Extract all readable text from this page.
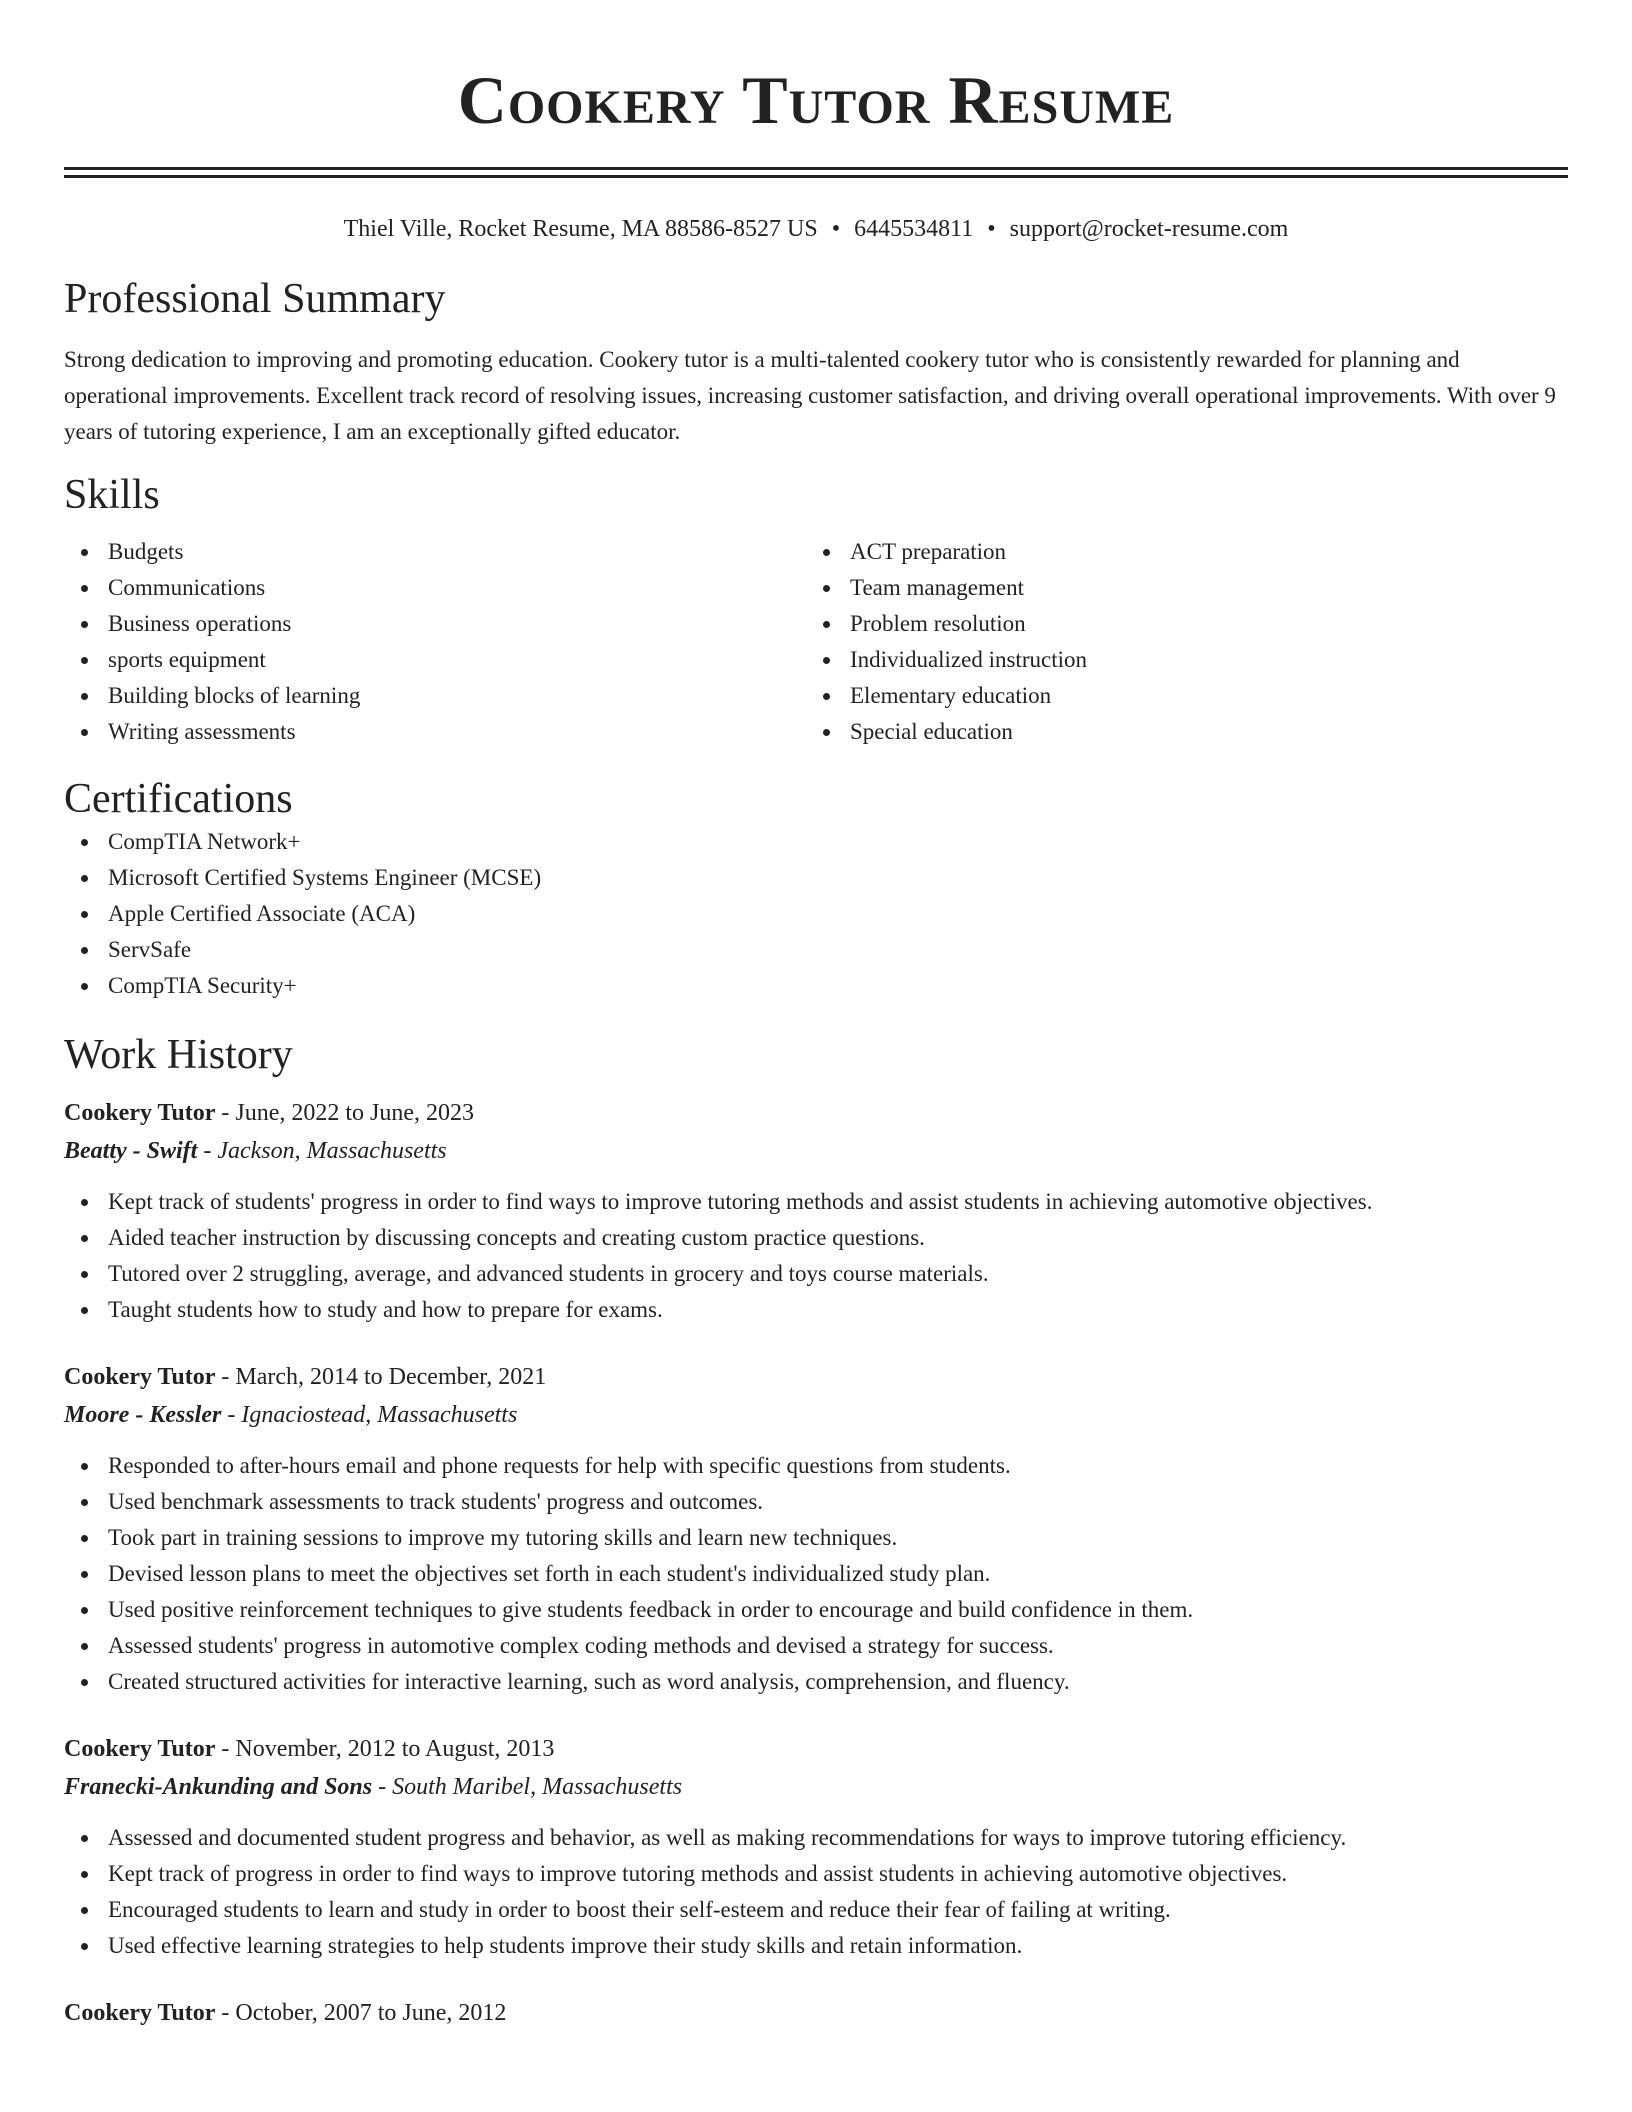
Cookery Tutor Resume
Thiel Ville, Rocket Resume, MA 88586-8527 US • 6445534811 • support@rocket-resume.com
Professional Summary

Strong dedication to improving and promoting education. Cookery tutor is a multi-talented cookery tutor who is consistently rewarded for planning and operational improvements. Excellent track record of resolving issues, increasing customer satisfaction, and driving overall operational improvements. With over 9 years of tutoring experience, I am an exceptionally gifted educator.

Skills
Budgets
Communications
Business operations
sports equipment
Building blocks of learning
Writing assessments
ACT preparation
Team management
Problem resolution
Individualized instruction
Elementary education
Special education
Certifications
CompTIA Network+
Microsoft Certified Systems Engineer (MCSE)
Apple Certified Associate (ACA)
ServSafe
CompTIA Security+
Work History
Cookery Tutor - June, 2022 to June, 2023
Beatty - Swift - Jackson, Massachusetts
Kept track of students' progress in order to find ways to improve tutoring methods and assist students in achieving automotive objectives.
Aided teacher instruction by discussing concepts and creating custom practice questions.
Tutored over 2 struggling, average, and advanced students in grocery and toys course materials.
Taught students how to study and how to prepare for exams.
Cookery Tutor - March, 2014 to December, 2021
Moore - Kessler - Ignaciostead, Massachusetts
Responded to after-hours email and phone requests for help with specific questions from students.
Used benchmark assessments to track students' progress and outcomes.
Took part in training sessions to improve my tutoring skills and learn new techniques.
Devised lesson plans to meet the objectives set forth in each student's individualized study plan.
Used positive reinforcement techniques to give students feedback in order to encourage and build confidence in them.
Assessed students' progress in automotive complex coding methods and devised a strategy for success.
Created structured activities for interactive learning, such as word analysis, comprehension, and fluency.
Cookery Tutor - November, 2012 to August, 2013
Franecki-Ankunding and Sons - South Maribel, Massachusetts
Assessed and documented student progress and behavior, as well as making recommendations for ways to improve tutoring efficiency.
Kept track of progress in order to find ways to improve tutoring methods and assist students in achieving automotive objectives.
Encouraged students to learn and study in order to boost their self-esteem and reduce their fear of failing at writing.
Used effective learning strategies to help students improve their study skills and retain information.
Cookery Tutor - October, 2007 to June, 2012
